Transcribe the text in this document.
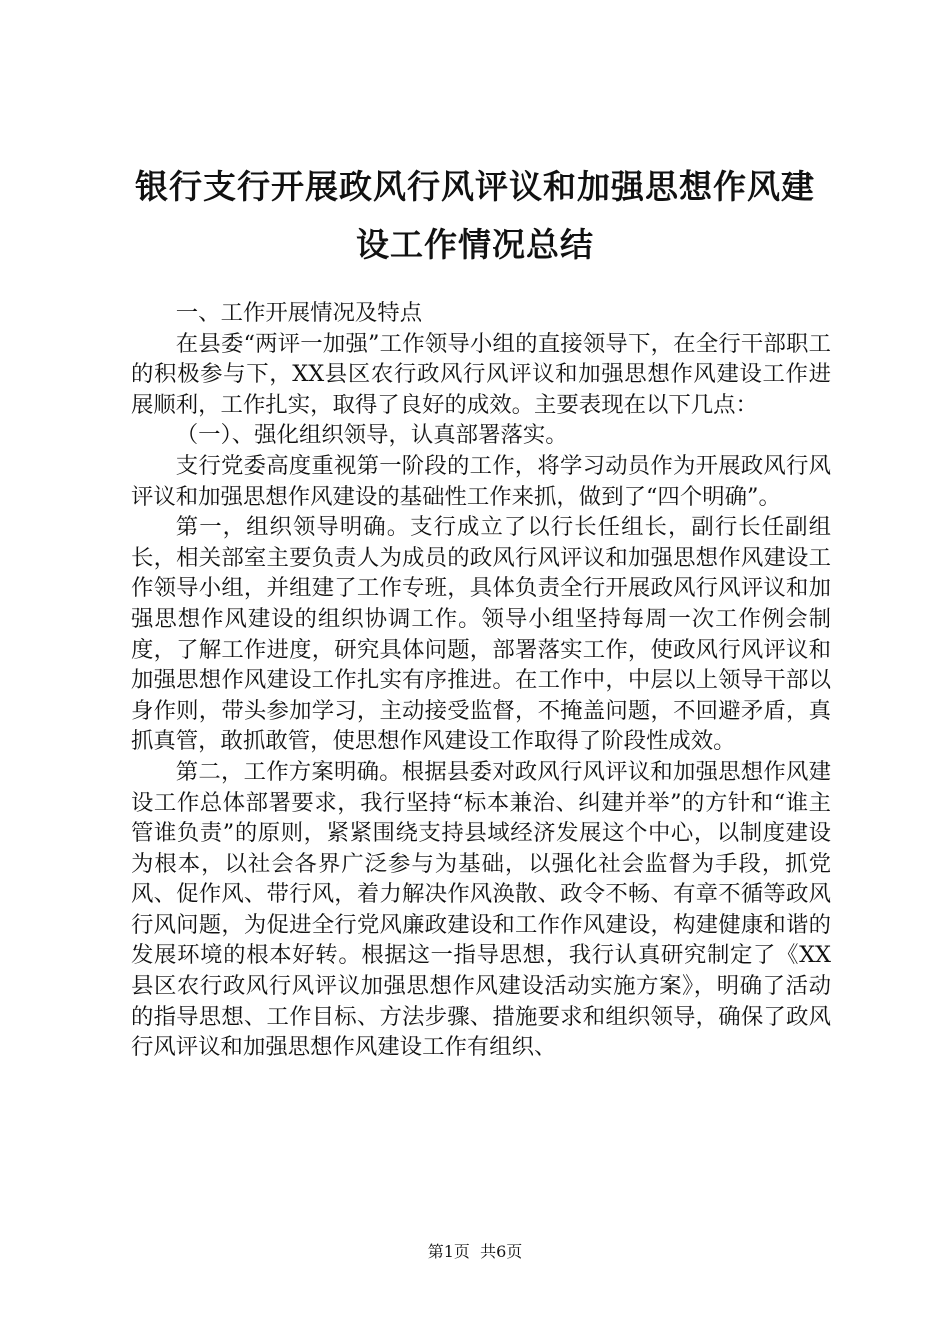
银行支行开展政风行风评议和加强思想作风建设工作情况总结

一、工作开展情况及特点

在县委“两评一加强”工作领导小组的直接领导下，在全行干部职工的积极参与下，XX县区农行政风行风评议和加强思想作风建设工作进展顺利，工作扎实，取得了良好的成效。主要表现在以下几点：

（一）、强化组织领导，认真部署落实。

支行党委高度重视第一阶段的工作，将学习动员作为开展政风行风评议和加强思想作风建设的基础性工作来抓，做到了“四个明确”。

第一，组织领导明确。支行成立了以行长任组长，副行长任副组长，相关部室主要负责人为成员的政风行风评议和加强思想作风建设工作领导小组，并组建了工作专班，具体负责全行开展政风行风评议和加强思想作风建设的组织协调工作。领导小组坚持每周一次工作例会制度，了解工作进度，研究具体问题，部署落实工作，使政风行风评议和加强思想作风建设工作扎实有序推进。在工作中，中层以上领导干部以身作则，带头参加学习，主动接受监督，不掩盖问题，不回避矛盾，真抓真管，敢抓敢管，使思想作风建设工作取得了阶段性成效。

第二，工作方案明确。根据县委对政风行风评议和加强思想作风建设工作总体部署要求，我行坚持“标本兼治、纠建并举”的方针和“谁主管谁负责”的原则，紧紧围绕支持县域经济发展这个中心，以制度建设为根本，以社会各界广泛参与为基础，以强化社会监督为手段，抓党风、促作风、带行风，着力解决作风涣散、政令不畅、有章不循等政风行风问题，为促进全行党风廉政建设和工作作风建设，构建健康和谐的发展环境的根本好转。根据这一指导思想，我行认真研究制定了《XX县区农行政风行风评议加强思想作风建设活动实施方案》，明确了活动的指导思想、工作目标、方法步骤、措施要求和组织领导，确保了政风行风评议和加强思想作风建设工作有组织、

第1页 共6页
